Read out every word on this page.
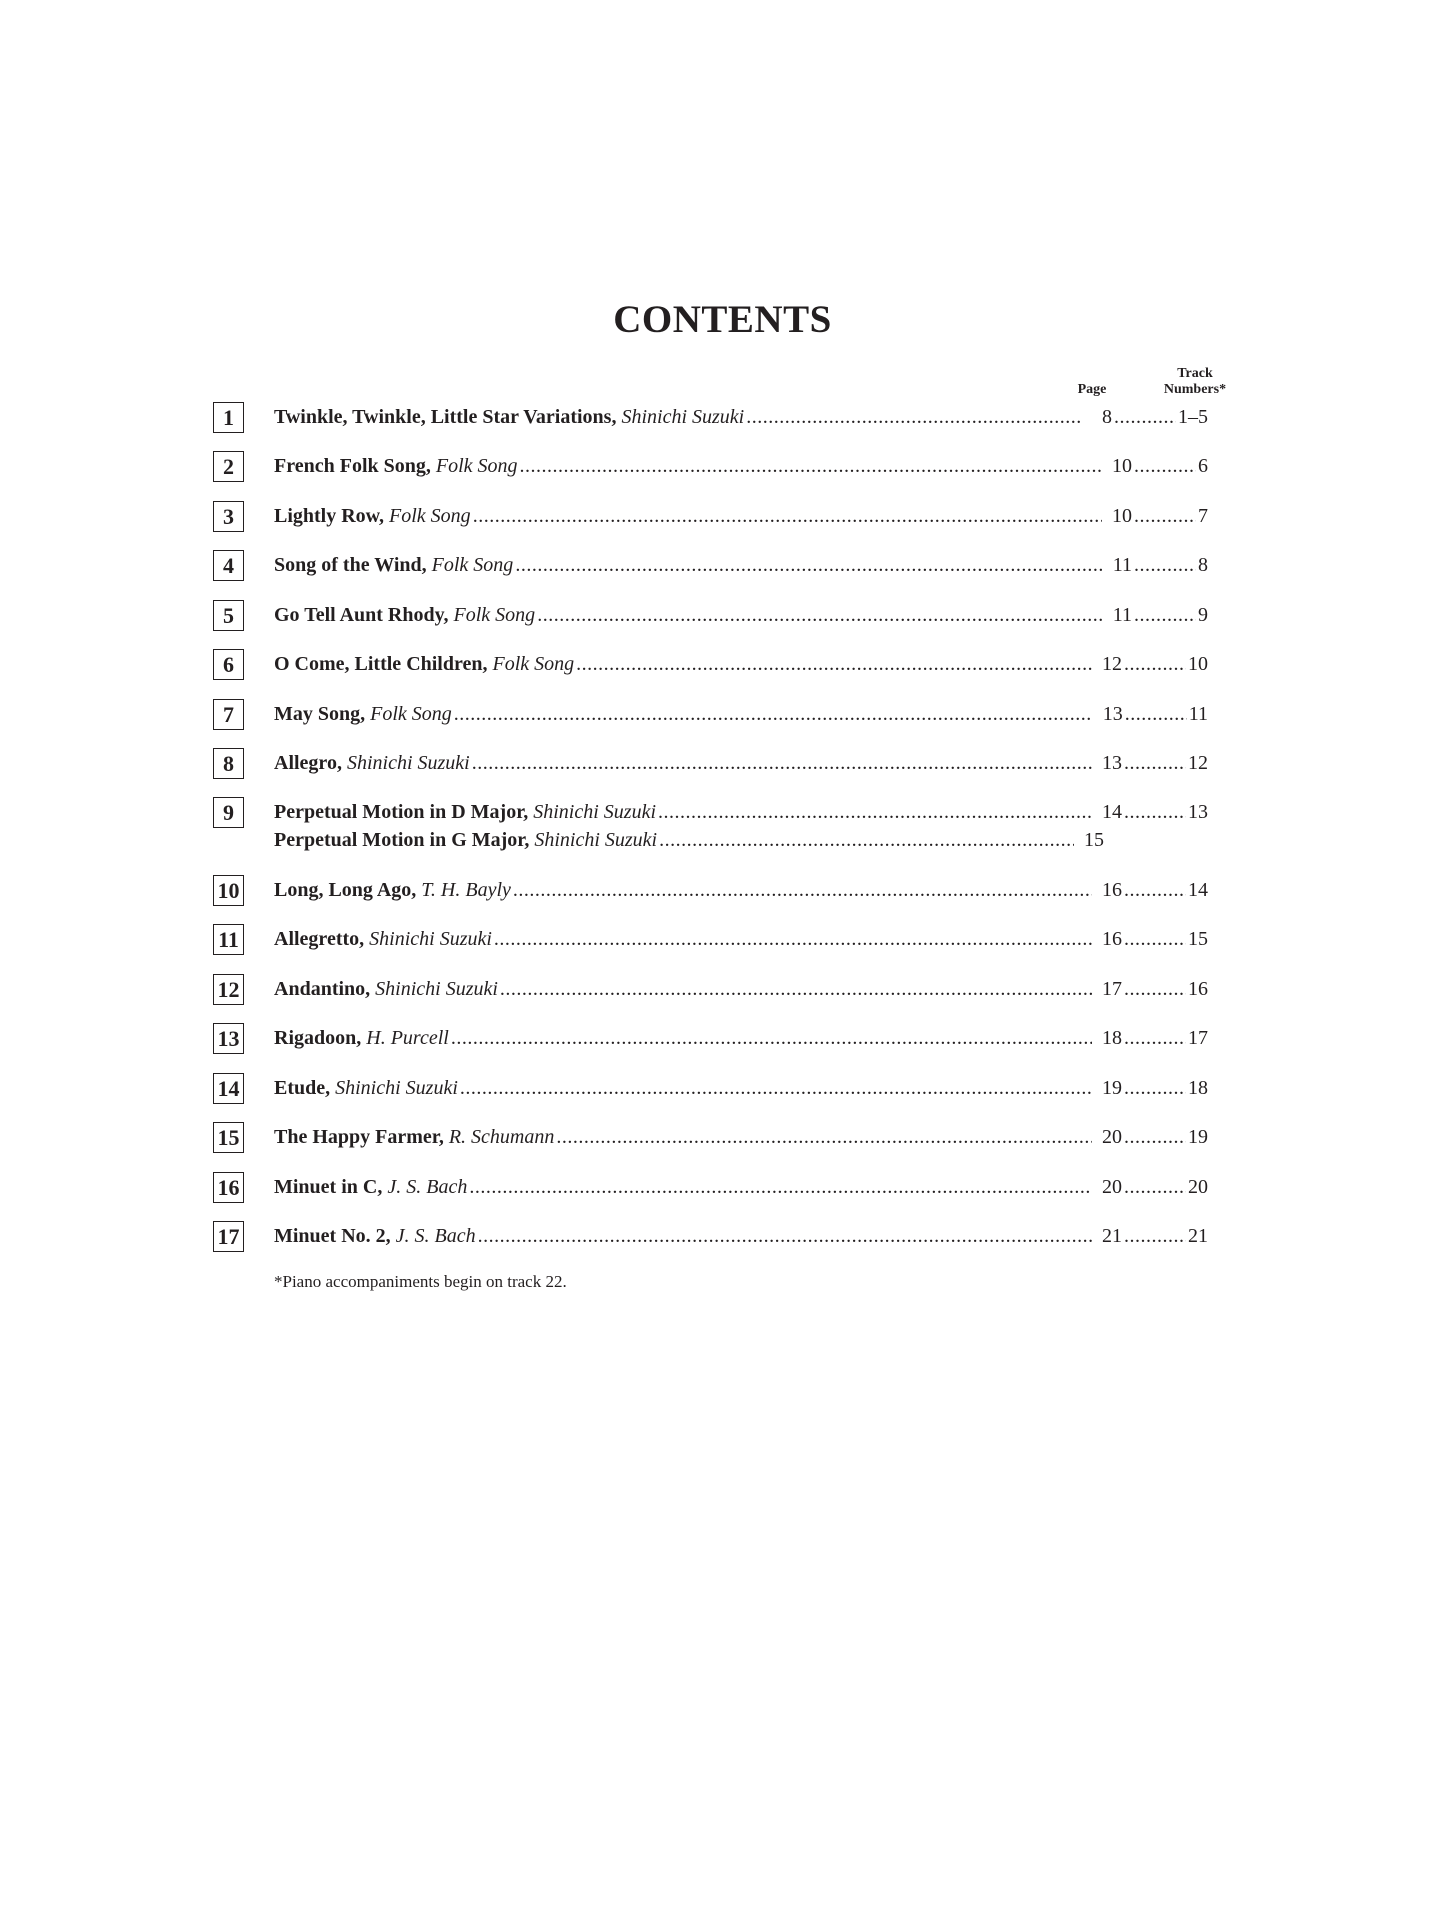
CONTENTS
Page
Track
Numbers*
1	Twinkle, Twinkle, Little Star Variations,
Shinichi Suzuki .....	8 .....	1–5
2	French Folk Song,
Folk Song .....	10 .....	6
3	Lightly Row,
Folk Song .....	10 .....	7
4	Song of the Wind,
Folk Song .....	11 .....	8
5	Go Tell Aunt Rhody,
Folk Song .....	11 .....	9
6	O Come, Little Children,
Folk Song .....	12 .....	10
7	May Song,
Folk Song .....	13 .....	11
8	Allegro,
Shinichi Suzuki .....	13 .....	12
9	Perpetual Motion in D Major,
Shinichi Suzuki .....	14 .....	13
Perpetual Motion in G Major,
Shinichi Suzuki .....	15
10 Long, Long Ago,
T. H. Bayly .....	16 .....	14
11 Allegretto,
Shinichi Suzuki .....	16 .....	15
12 Andantino,
Shinichi Suzuki .....	17 .....	16
13 Rigadoon,
H. Purcell .....	18 .....	17
14 Etude,
Shinichi Suzuki .....	19 .....	18
15 The Happy Farmer,
R. Schumann .....	20 .....	19
16 Minuet in C,
J. S. Bach .....	20 .....	20
17 Minuet No. 2,
J. S. Bach .....	21 .....	21
*Piano accompaniments begin on track 22.
